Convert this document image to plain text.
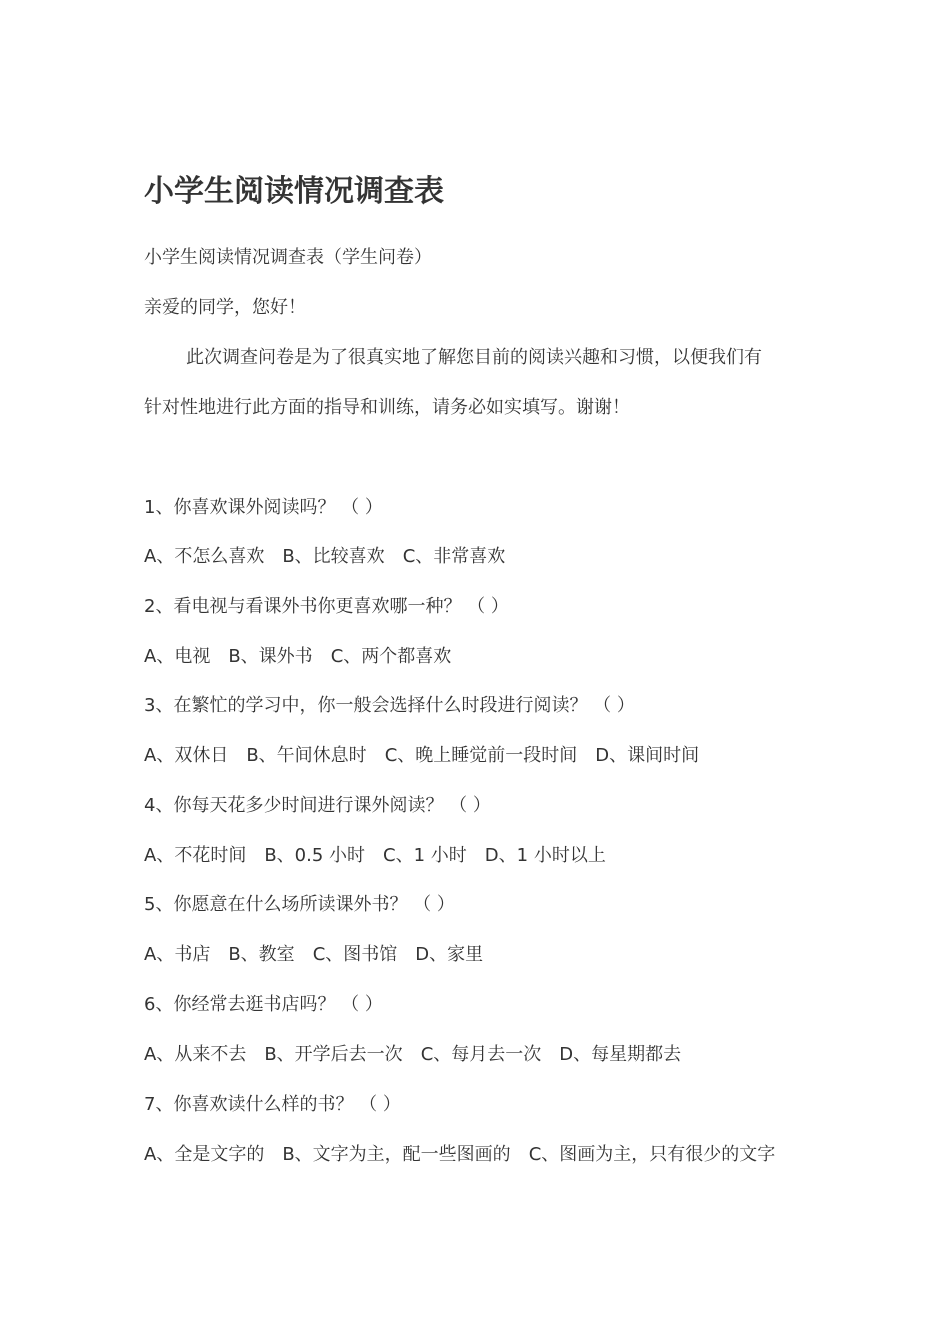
小学生阅读情况调查表
小学生阅读情况调查表（学生问卷）
亲爱的同学，您好！
此次调查问卷是为了很真实地了解您目前的阅读兴趣和习惯，以便我们有
针对性地进行此方面的指导和训练，请务必如实填写。谢谢！
1、你喜欢课外阅读吗？ （ ）
A、不怎么喜欢 B、比较喜欢 C、非常喜欢
2、看电视与看课外书你更喜欢哪一种？ （ ）
A、电视 B、课外书 C、两个都喜欢
3、在繁忙的学习中，你一般会选择什么时段进行阅读？ （ ）
A、双休日 B、午间休息时 C、晚上睡觉前一段时间 D、课间时间
4、你每天花多少时间进行课外阅读？ （ ）
A、不花时间 B、0.5 小时 C、1 小时 D、1 小时以上
5、你愿意在什么场所读课外书？ （ ）
A、书店 B、教室 C、图书馆 D、家里
6、你经常去逛书店吗？ （ ）
A、从来不去 B、开学后去一次 C、每月去一次 D、每星期都去
7、你喜欢读什么样的书？ （ ）
A、全是文字的 B、文字为主，配一些图画的 C、图画为主，只有很少的文字
